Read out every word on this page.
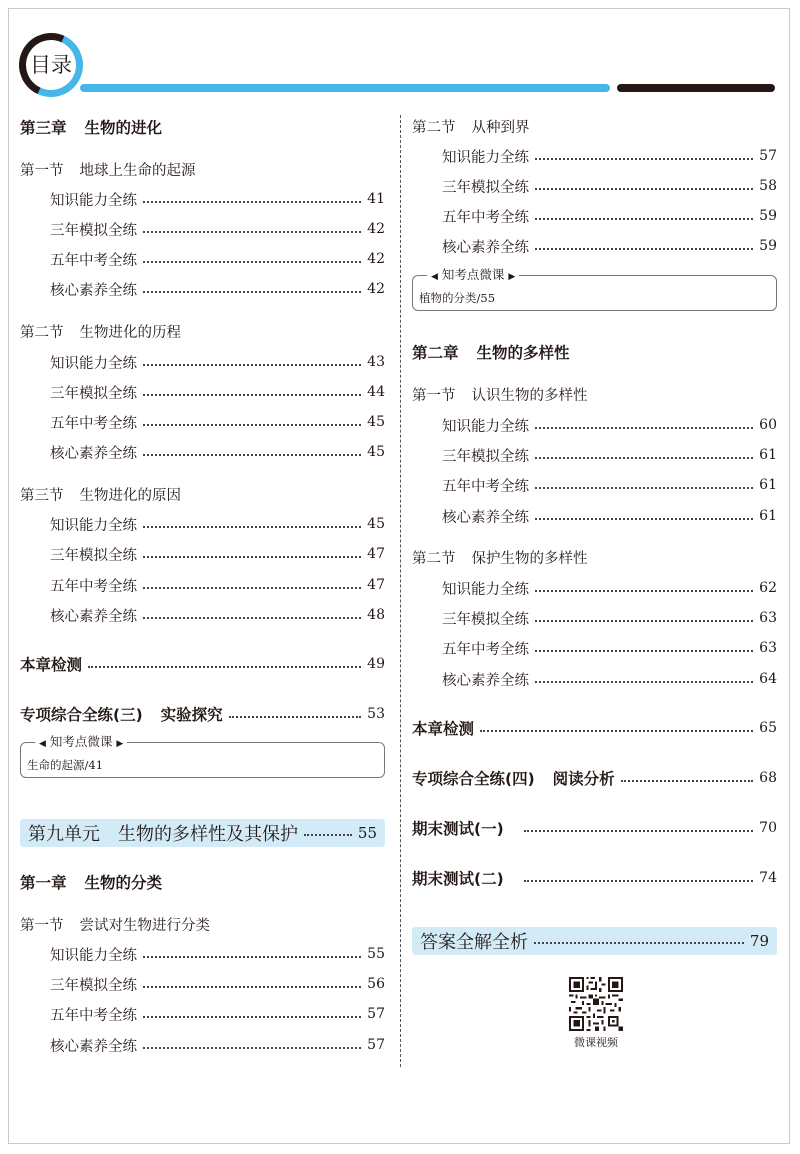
目录
第三章 生物的进化
第一节 地球上生命的起源
知识能力全练	41
三年模拟全练	42
五年中考全练	42
核心素养全练	42
第二节 生物进化的历程
知识能力全练	43
三年模拟全练	44
五年中考全练	45
核心素养全练	45
第三节 生物进化的原因
知识能力全练	45
三年模拟全练	47
五年中考全练	47
核心素养全练	48
本章检测	49
专项综合全练(三) 实验探究	53
◀ 知考点微课 ▶
生命的起源/41
第九单元 生物的多样性及其保护	55
第一章 生物的分类
第一节 尝试对生物进行分类
知识能力全练	55
三年模拟全练	56
五年中考全练	57
核心素养全练	57
第二节 从种到界
知识能力全练	57
三年模拟全练	58
五年中考全练	59
核心素养全练	59
◀ 知考点微课 ▶
植物的分类/55
第二章 生物的多样性
第一节 认识生物的多样性
知识能力全练	60
三年模拟全练	61
五年中考全练	61
核心素养全练	61
第二节 保护生物的多样性
知识能力全练	62
三年模拟全练	63
五年中考全练	63
核心素养全练	64
本章检测	65
专项综合全练(四) 阅读分析	68
期末测试(一)	70
期末测试(二)	74
答案全解全析	79
微课视频
